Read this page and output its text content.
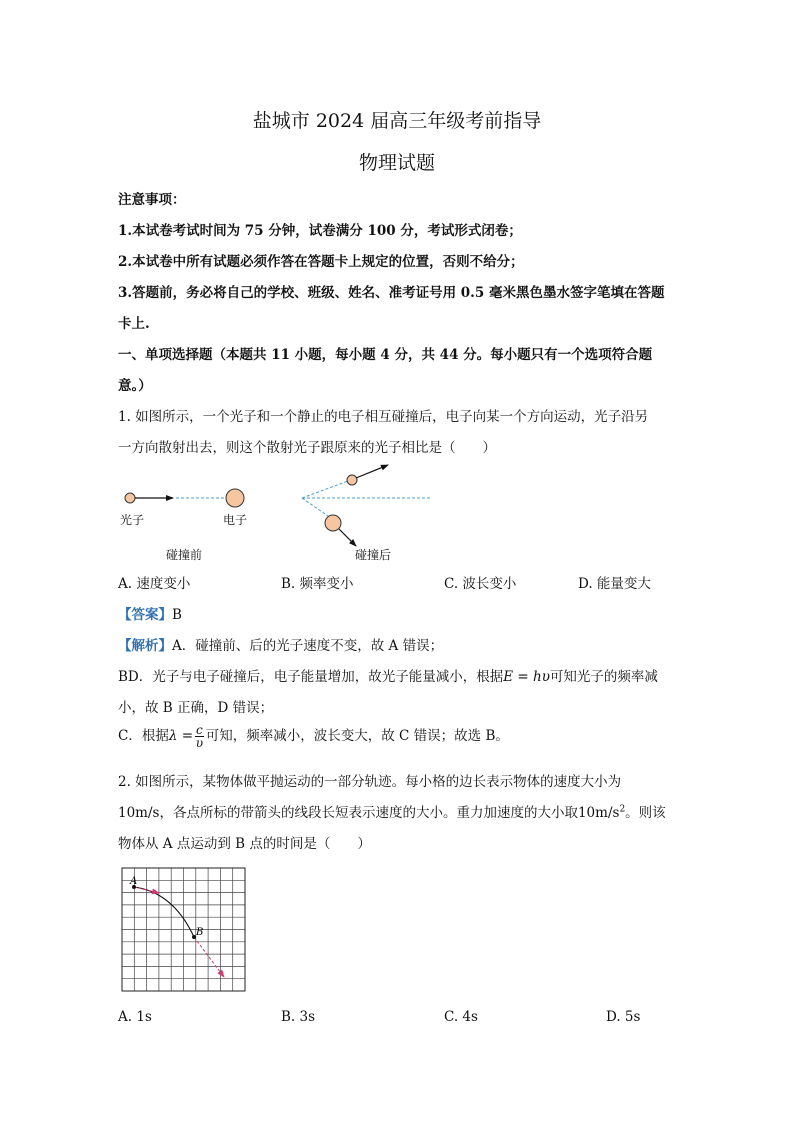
盐城市 2024 届高三年级考前指导
物理试题
注意事项：
1.本试卷考试时间为 75 分钟，试卷满分 100 分，考试形式闭卷；
2.本试卷中所有试题必须作答在答题卡上规定的位置，否则不给分；
3.答题前，务必将自己的学校、班级、姓名、准考证号用 0.5 毫米黑色墨水签字笔填在答题
卡上.
一、单项选择题（本题共 11 小题，每小题 4 分，共 44 分。每小题只有一个选项符合题
意。）
1. 如图所示，一个光子和一个静止的电子相互碰撞后，电子向某一个方向运动，光子沿另
一方向散射出去，则这个散射光子跟原来的光子相比是（　　）
光子	电子
碰撞前	碰撞后
A. 速度变小	B. 频率变小	C. 波长变小	D. 能量变大
【答案】B
【解析】A．碰撞前、后的光子速度不变，故 A 错误；
BD．光子与电子碰撞后，电子能量增加，故光子能量减小，根据E = hυ可知光子的频率减
小，故 B 正确，D 错误；
C．根据$\lambda = \frac{c}{\upsilon}$ 可知，频率减小，波长变大，故 C 错误；故选 B。
2. 如图所示，某物体做平抛运动的一部分轨迹。每小格的边长表示物体的速度大小为
10m/s，各点所标的带箭头的线段长短表示速度的大小。重力加速度的大小取$10m/s^2$。则该
物体从 A 点运动到 B 点的时间是（　　）
A
B
A. 1s	B. 3s	C. 4s	D. 5s
